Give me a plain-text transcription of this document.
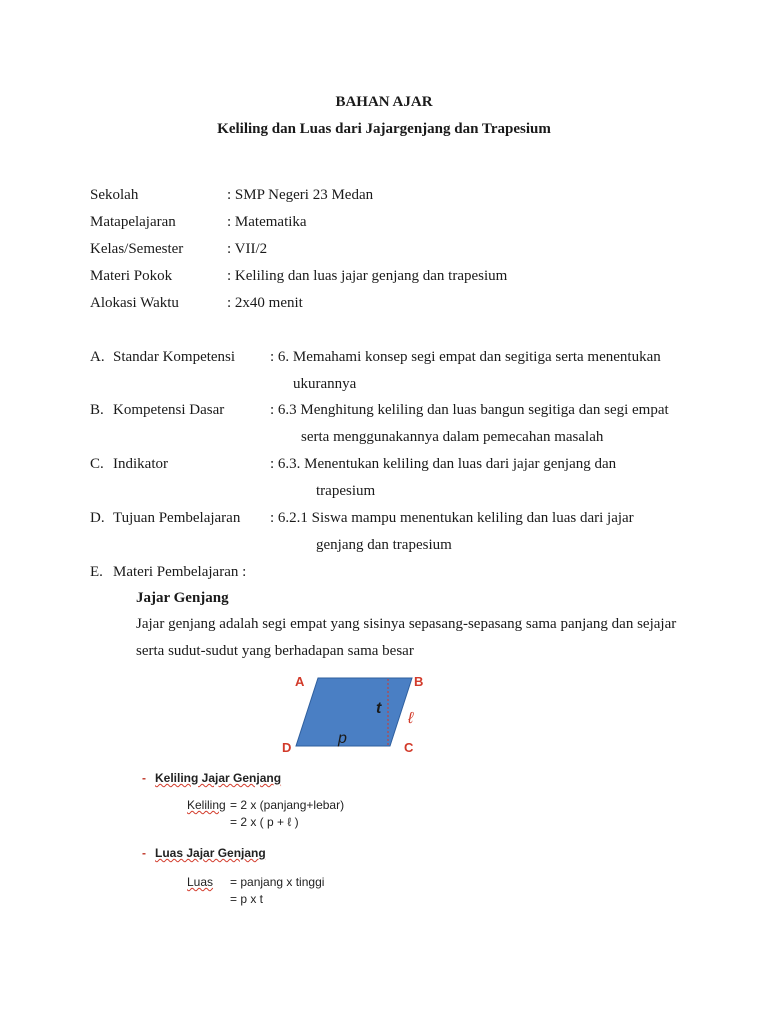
BAHAN AJAR
Keliling dan Luas dari Jajargenjang dan Trapesium
Sekolah	: SMP Negeri 23 Medan
Matapelajaran	: Matematika
Kelas/Semester	: VII/2
Materi Pokok	: Keliling dan luas jajar genjang dan trapesium
Alokasi Waktu	: 2x40 menit
A. Standar Kompetensi : 6. Memahami konsep segi empat dan segitiga serta menentukan
ukurannya
B. Kompetensi Dasar	: 6.3 Menghitung keliling dan luas bangun segitiga dan segi empat
serta menggunakannya dalam pemecahan masalah
C. Indikator	: 6.3. Menentukan keliling dan luas dari jajar genjang dan
trapesium
D. Tujuan Pembelajaran : 6.2.1 Siswa mampu menentukan keliling dan luas dari jajar
genjang dan trapesium
E. Materi Pembelajaran :
Jajar Genjang
Jajar genjang adalah segi empat yang sisinya sepasang-sepasang sama panjang dan sejajar
serta sudut-sudut yang berhadapan sama besar
A	B
C
D
t
ℓ
p
- Keliling Jajar Genjang
Keliling = 2 x (panjang+lebar)
= 2 x ( p + ℓ )
- Luas Jajar Genjang
Luas = panjang x tinggi
= p x t
